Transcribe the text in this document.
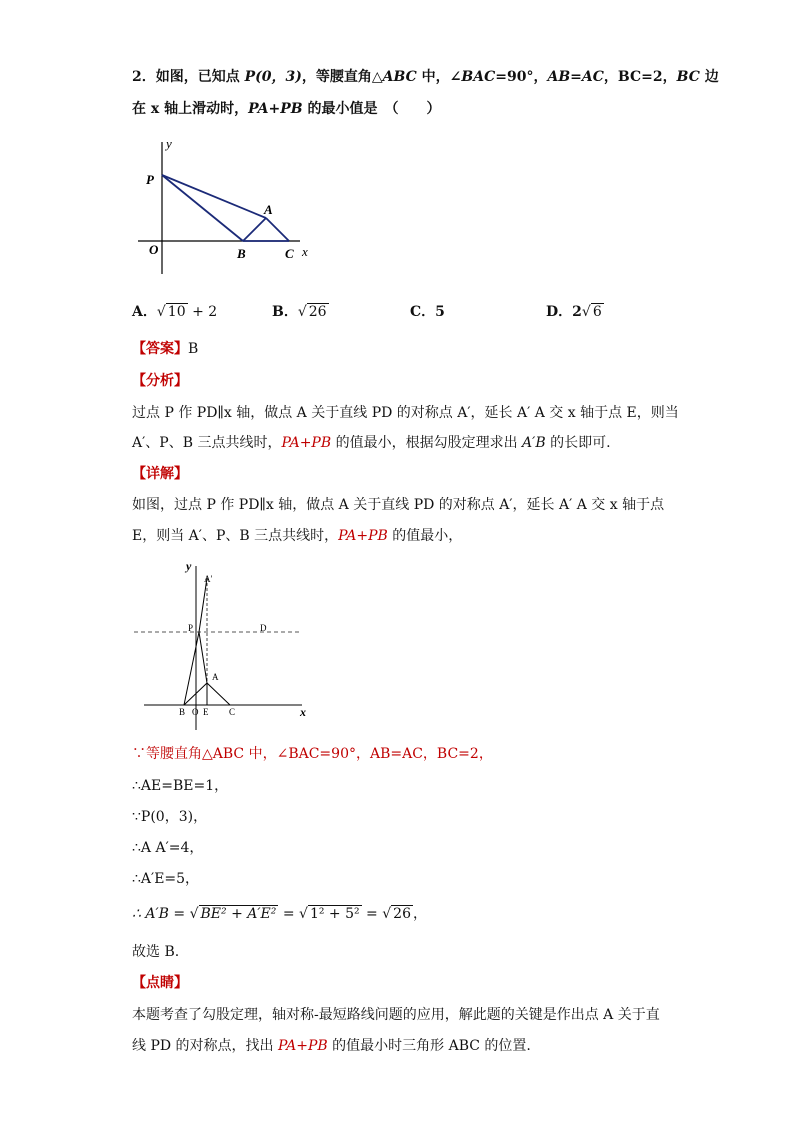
2．如图，已知点 P(0，3)，等腰直角△ABC 中，∠BAC=90°，AB=AC，BC=2，BC 边
在 x 轴上滑动时，PA+PB 的最小值是　（　　）
y
P
A
O	B	C x
A．√ 10 + 2	B．√ 26	C．5	D．2√ 6
【答案】B
【分析】
过点 P 作 PD∥x 轴，做点 A 关于直线 PD 的对称点 A′，延长 A′ A 交 x 轴于点 E，则当
A′、P、B 三点共线时，PA+PB 的值最小，根据勾股定理求出 A′B 的长即可.
【详解】
如图，过点 P 作 PD∥x 轴，做点 A 关于直线 PD 的对称点 A′，延长 A′ A 交 x 轴于点
E，则当 A′、P、B 三点共线时，PA+PB 的值最小，
y
A′
P	D
A
B O E C	x
∵等腰直角△ABC 中，∠BAC=90°，AB=AC，BC=2，
∴AE=BE=1，
∵P(0，3)，
∴A A′=4，
∴A′E=5，
∴ A′B = √ BE² + A′E² = √ 1² + 5² = √ 26 ，
故选 B.
【点睛】
本题考查了勾股定理，轴对称-最短路线问题的应用，解此题的关键是作出点 A 关于直
线 PD 的对称点，找出 PA+PB 的值最小时三角形 ABC 的位置.
